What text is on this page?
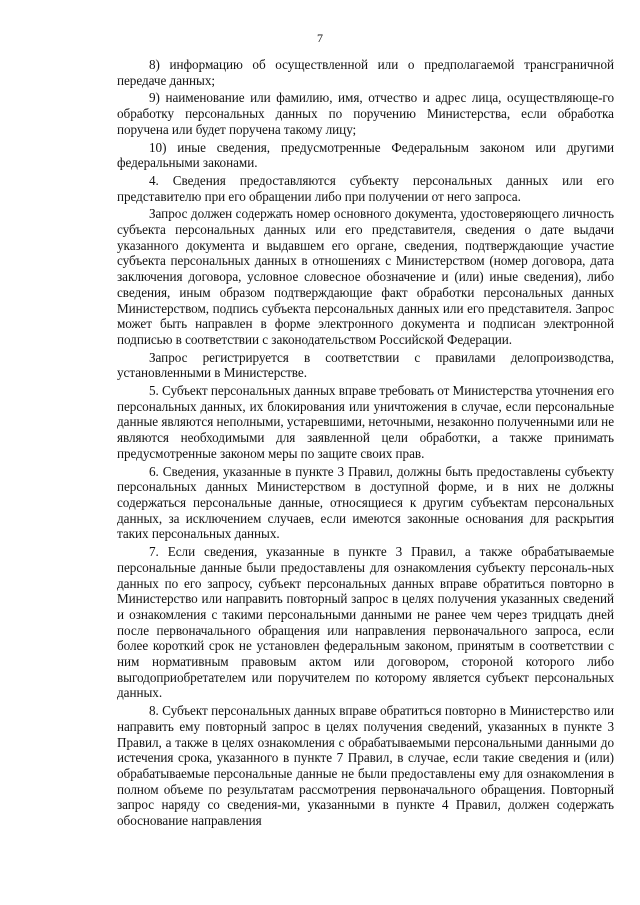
7

8) информацию об осуществленной или о предполагаемой трансграничной передаче данных;

9) наименование или фамилию, имя, отчество и адрес лица, осуществляюще-го обработку персональных данных по поручению Министерства, если обработка поручена или будет поручена такому лицу;

10) иные сведения, предусмотренные Федеральным законом или другими федеральными законами.

4. Сведения предоставляются субъекту персональных данных или его представителю при его обращении либо при получении от него запроса.

Запрос должен содержать номер основного документа, удостоверяющего личность субъекта персональных данных или его представителя, сведения о дате выдачи указанного документа и выдавшем его органе, сведения, подтверждающие участие субъекта персональных данных в отношениях с Министерством (номер договора, дата заключения договора, условное словесное обозначение и (или) иные сведения), либо сведения, иным образом подтверждающие факт обработки персональных данных Министерством, подпись субъекта персональных данных или его представителя. Запрос может быть направлен в форме электронного документа и подписан электронной подписью в соответствии с законодательством Российской Федерации.

Запрос регистрируется в соответствии с правилами делопроизводства, установленными в Министерстве.

5. Субъект персональных данных вправе требовать от Министерства уточнения его персональных данных, их блокирования или уничтожения в случае, если персональные данные являются неполными, устаревшими, неточными, незаконно полученными или не являются необходимыми для заявленной цели обработки, а также принимать предусмотренные законом меры по защите своих прав.

6. Сведения, указанные в пункте 3 Правил, должны быть предоставлены субъекту персональных данных Министерством в доступной форме, и в них не должны содержаться персональные данные, относящиеся к другим субъектам персональных данных, за исключением случаев, если имеются законные основания для раскрытия таких персональных данных.

7. Если сведения, указанные в пункте 3 Правил, а также обрабатываемые персональные данные были предоставлены для ознакомления субъекту персональ-ных данных по его запросу, субъект персональных данных вправе обратиться повторно в Министерство или направить повторный запрос в целях получения указанных сведений и ознакомления с такими персональными данными не ранее чем через тридцать дней после первоначального обращения или направления первоначального запроса, если более короткий срок не установлен федеральным законом, принятым в соответствии с ним нормативным правовым актом или договором, стороной которого либо выгодоприобретателем или поручителем по которому является субъект персональных данных.

8. Субъект персональных данных вправе обратиться повторно в Министерство или направить ему повторный запрос в целях получения сведений, указанных в пункте 3 Правил, а также в целях ознакомления с обрабатываемыми персональными данными до истечения срока, указанного в пункте 7 Правил, в случае, если такие сведения и (или) обрабатываемые персональные данные не были предоставлены ему для ознакомления в полном объеме по результатам рассмотрения первоначального обращения. Повторный запрос наряду со сведения-ми, указанными в пункте 4 Правил, должен содержать обоснование направления
